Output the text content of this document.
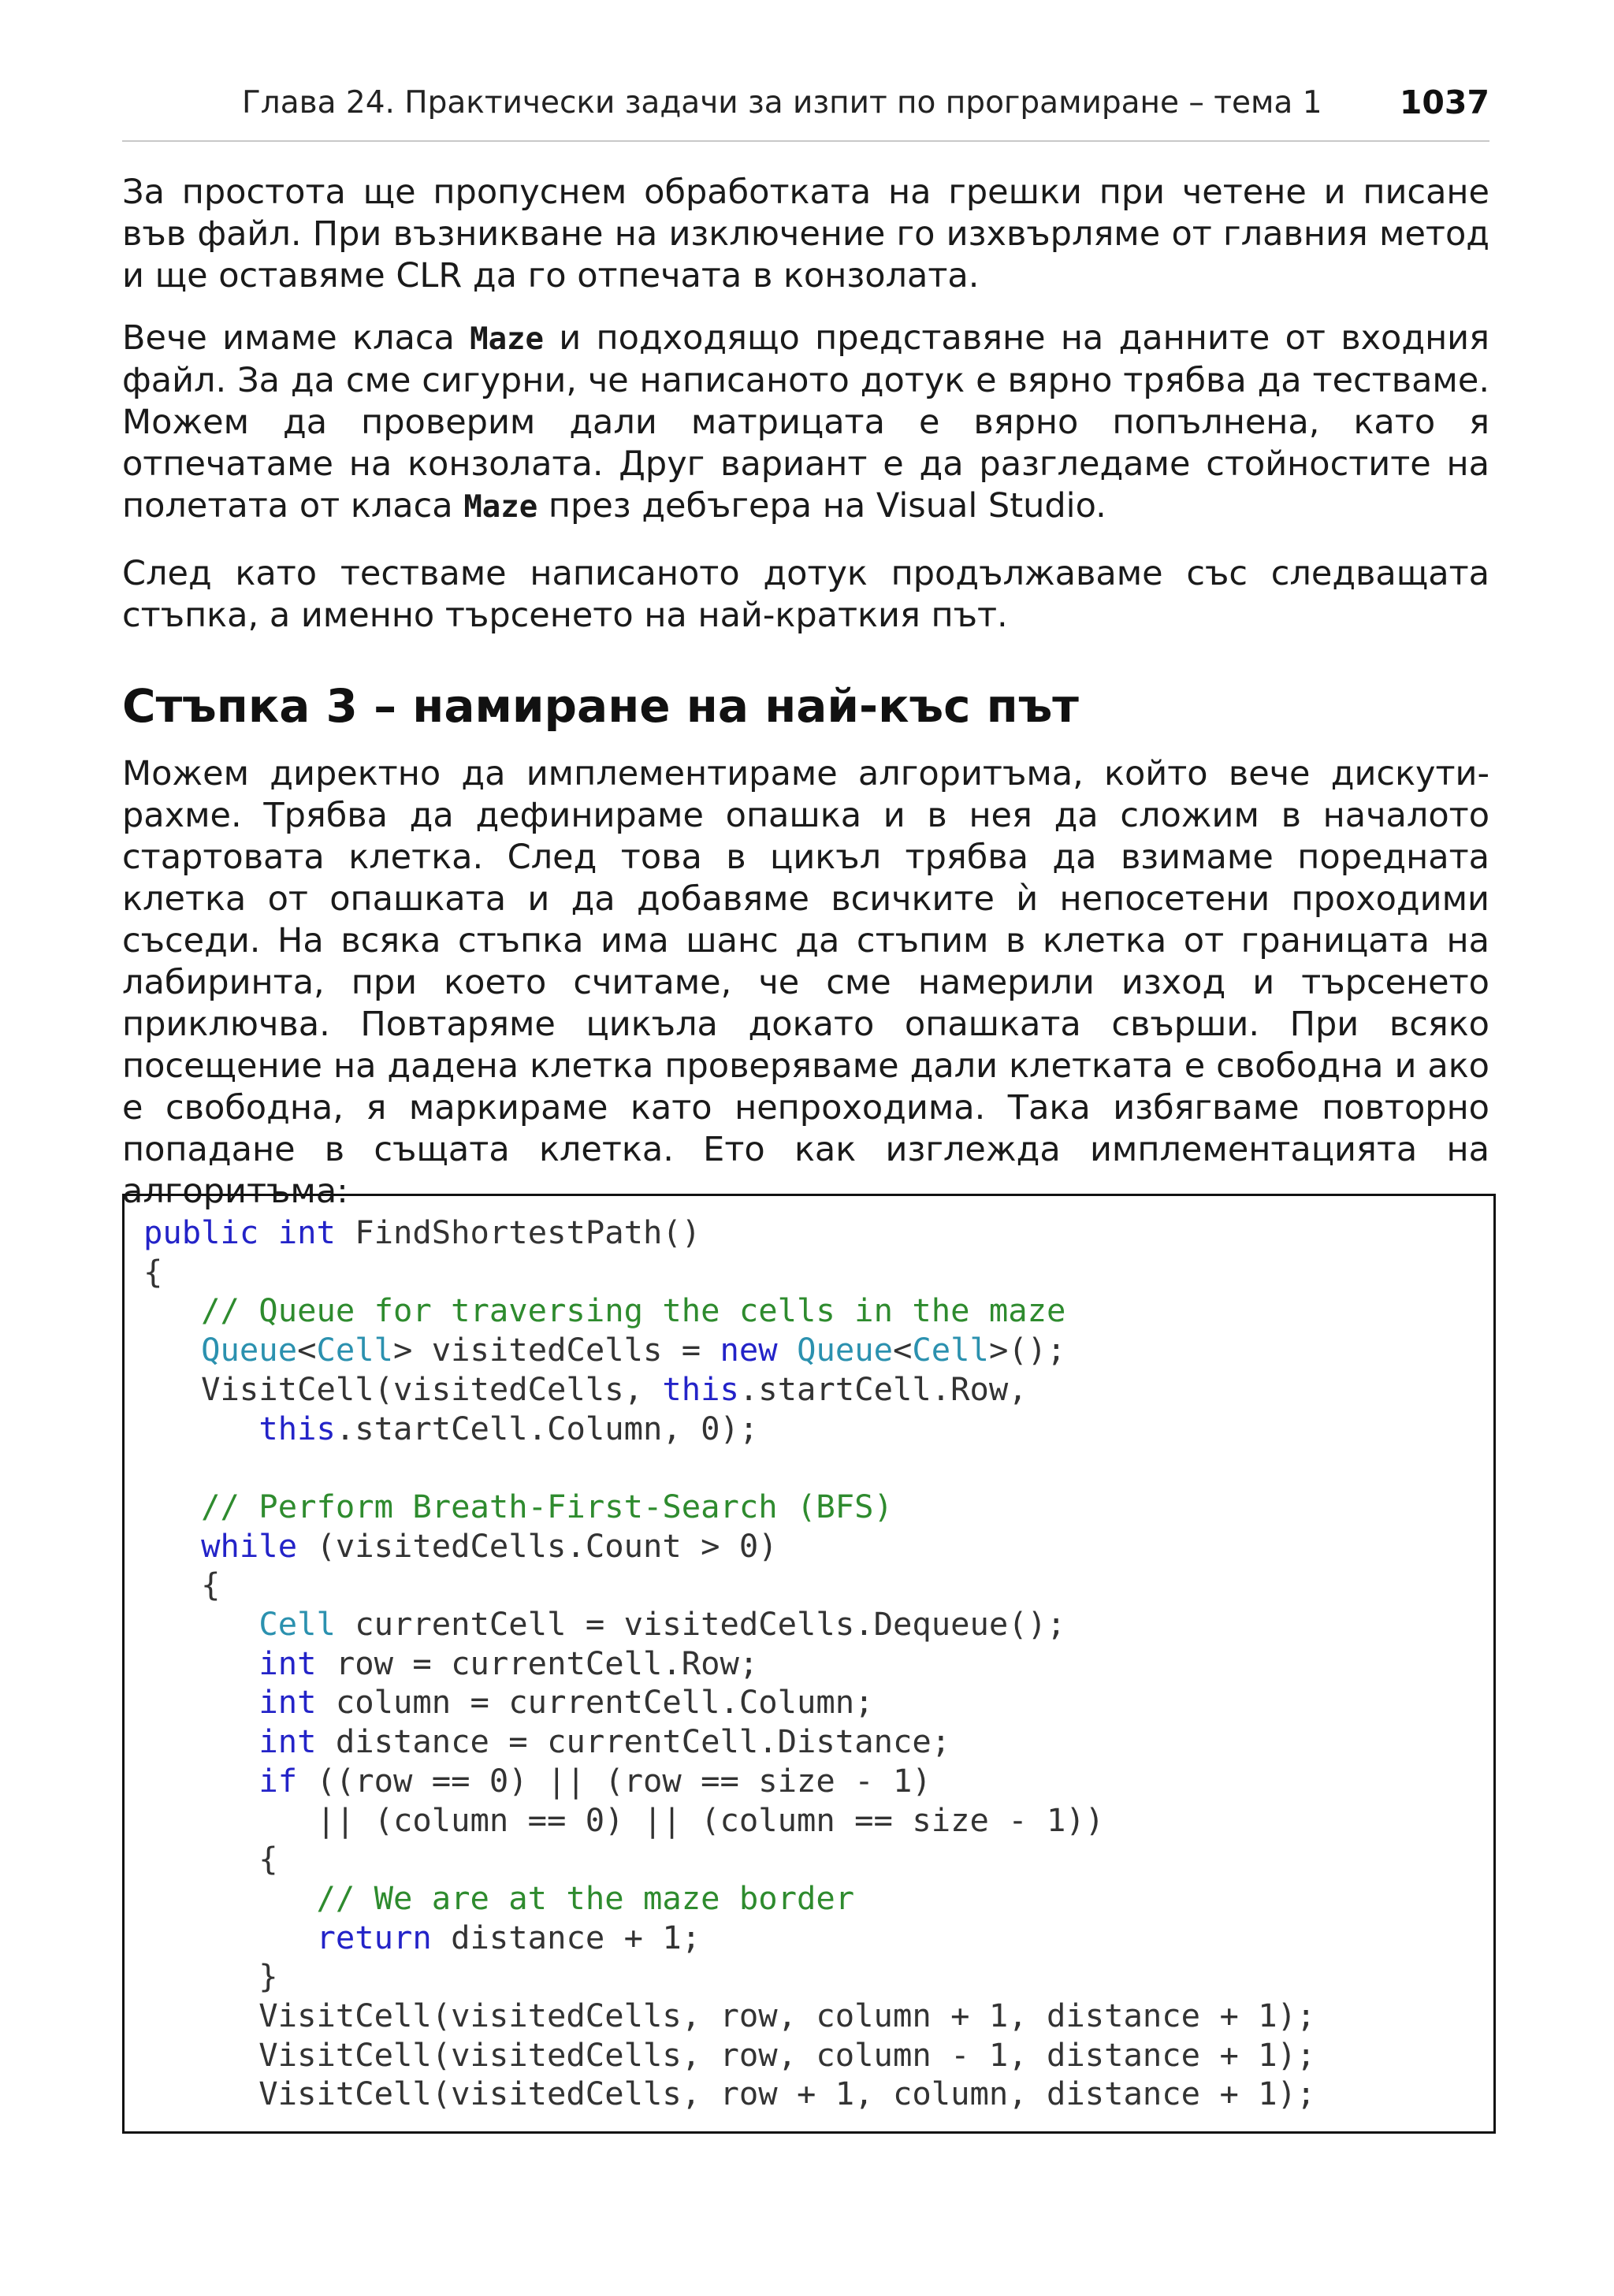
Глава 24. Практически задачи за изпит по програмиране – тема 1 1037

За простота ще пропуснем обработката на грешки при четене и писане във файл. При възникване на изключение го изхвърляме от главния метод и ще оставяме CLR да го отпечата в конзолата.

Вече имаме класа Maze и подходящо представяне на данните от входния файл. За да сме сигурни, че написаното дотук е вярно трябва да тестваме. Можем да проверим дали матрицата е вярно попълнена, като я отпечатаме на конзолата. Друг вариант е да разгледаме стойностите на полетата от класа Maze през дебъгера на Visual Studio.

След като тестваме написаното дотук продължаваме със следващата стъпка, а именно търсенето на най-краткия път.

Стъпка 3 – намиране на най-къс път

Можем директно да имплементираме алгоритъма, който вече дискути-рахме. Трябва да дефинираме опашка и в нея да сложим в началото стартовата клетка. След това в цикъл трябва да взимаме поредната клетка от опашката и да добавяме всичките ѝ непосетени проходими съседи. На всяка стъпка има шанс да стъпим в клетка от границата на лабиринта, при което считаме, че сме намерили изход и търсенето приключва. Повтаряме цикъла докато опашката свърши. При всяко посещение на дадена клетка проверяваме дали клетката е свободна и ако е свободна, я маркираме като непроходима. Така избягваме повторно попадане в същата клетка. Ето как изглежда имплементацията на алгоритъма:

public int FindShortestPath()
{
// Queue for traversing the cells in the maze
Queue<Cell> visitedCells = new Queue<Cell>();
VisitCell(visitedCells, this.startCell.Row,
this.startCell.Column, 0);

// Perform Breath-First-Search (BFS)
while (visitedCells.Count > 0)
{
Cell currentCell = visitedCells.Dequeue();
int row = currentCell.Row;
int column = currentCell.Column;
int distance = currentCell.Distance;
if ((row == 0) || (row == size - 1)
|| (column == 0) || (column == size - 1))
{
// We are at the maze border
return distance + 1;
}
VisitCell(visitedCells, row, column + 1, distance + 1);
VisitCell(visitedCells, row, column - 1, distance + 1);
VisitCell(visitedCells, row + 1, column, distance + 1);
